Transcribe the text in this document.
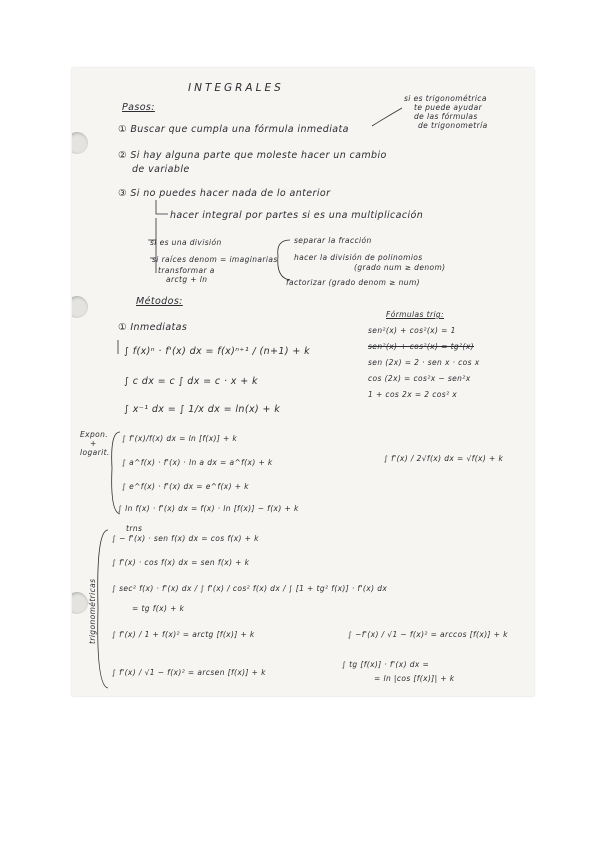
INTEGRALES
Pasos:
si es trigonométrica
te puede ayudar
de las fórmulas
de trigonometría
① Buscar que cumpla una fórmula inmediata
② Si hay alguna parte que moleste hacer un cambio
de variable
③ Si no puedes hacer nada de lo anterior
hacer integral por partes si es una multiplicación
si es una división
si raíces denom = imaginarias
transformar a
arctg + ln
separar la fracción
hacer la división de polinomios
(grado num ≥ denom)
factorizar (grado denom ≥ num)
Métodos:
① Inmediatas
∫ f(x)ⁿ · f'(x) dx = f(x)ⁿ⁺¹ / (n+1) + k
∫ c dx = c ∫ dx = c · x + k
∫ x⁻¹ dx = ∫ 1/x dx = ln(x) + k
Expon.
+
logarit.
∫ f'(x)/f(x) dx = ln [f(x)] + k
∫ a^f(x) · f'(x) · ln a dx = a^f(x) + k
∫ e^f(x) · f'(x) dx = e^f(x) + k
∫ ln f(x) · f'(x) dx = f(x) · ln [f(x)] − f(x) + k
∫ f'(x) / 2√f(x) dx = √f(x) + k
trigonométricas
trns
∫ − f'(x) · sen f(x) dx = cos f(x) + k
∫ f'(x) · cos f(x) dx = sen f(x) + k
∫ sec² f(x) · f'(x) dx / ∫ f'(x) / cos² f(x) dx / ∫ [1 + tg² f(x)] · f'(x) dx
= tg f(x) + k
∫ f'(x) / 1 + f(x)² = arctg [f(x)] + k	∫ −f'(x) / √1 − f(x)² = arccos [f(x)] + k
∫ f'(x) / √1 − f(x)² = arcsen [f(x)] + k
∫ tg [f(x)] · f'(x) dx =
= ln |cos [f(x)]| + k
Fórmulas trig:
sen²(x) + cos²(x) = 1
sen²(x) + cos²(x) = tg²(x)
sen (2x) = 2 · sen x · cos x
cos (2x) = cos²x − sen²x
1 + cos 2x = 2 cos² x
